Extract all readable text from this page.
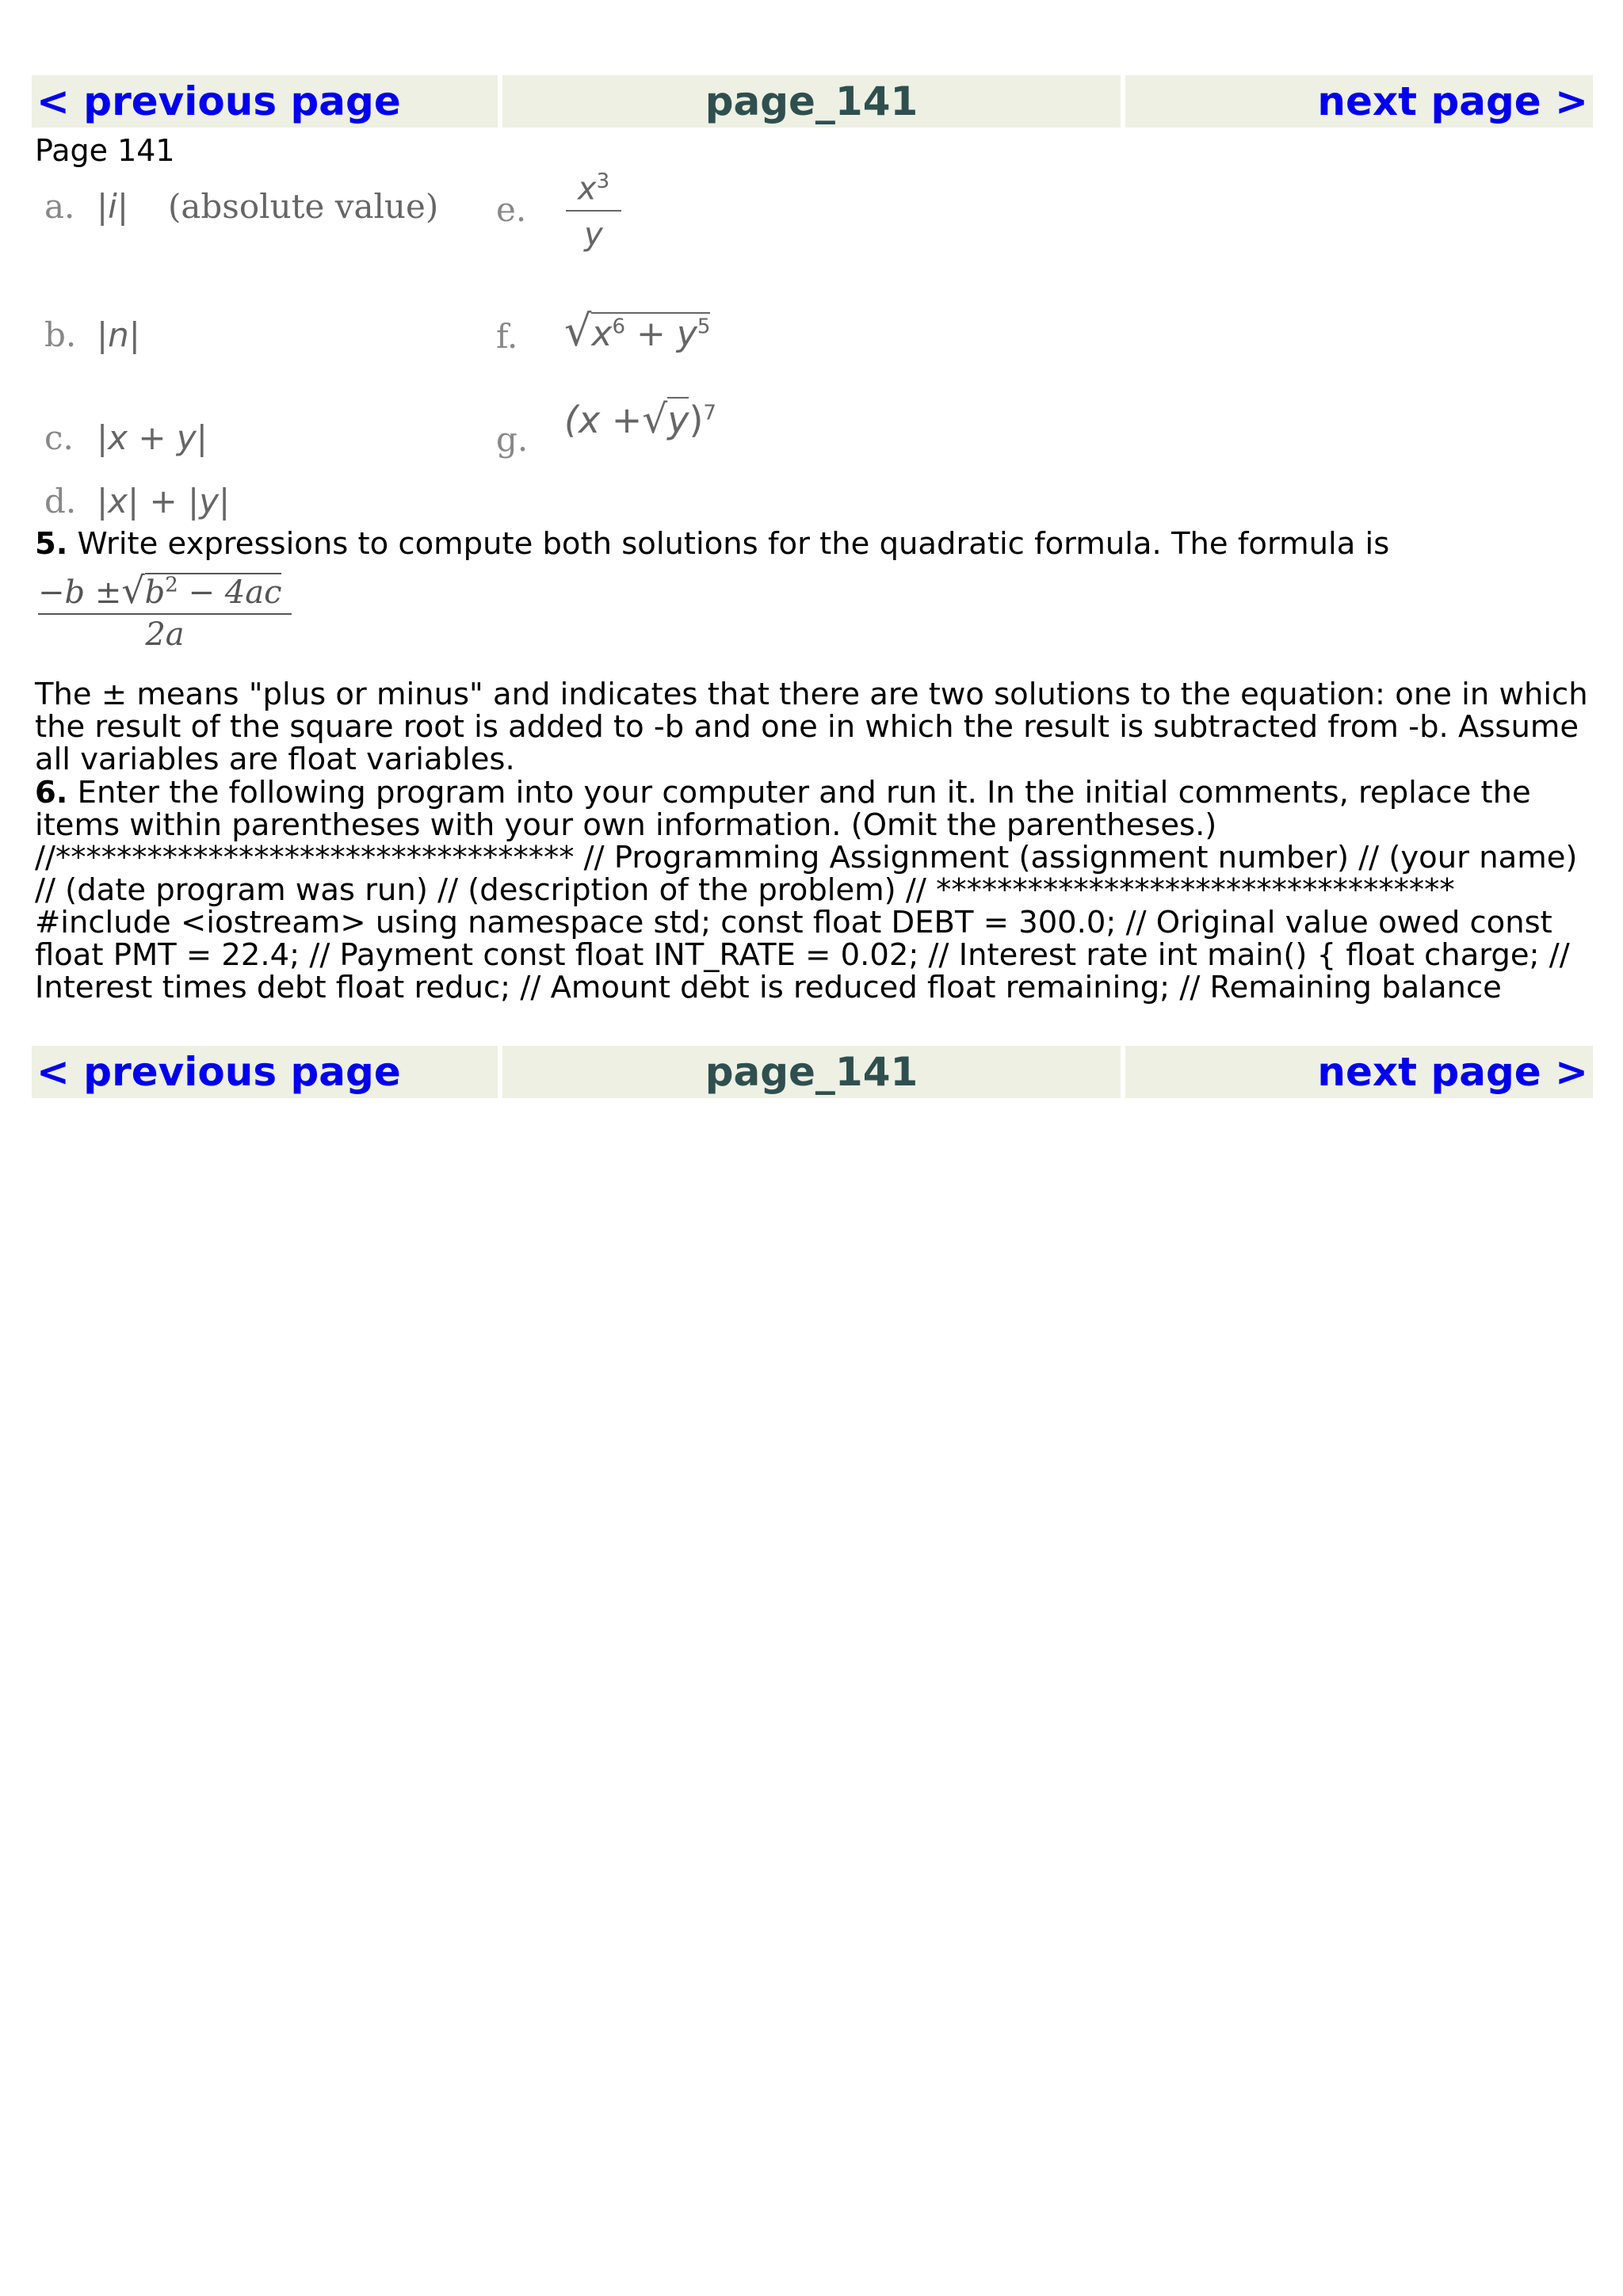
< previous page	page_141	next page >
Page 141
a. |i| (absolute value)
b. |n|
c. |x + y|
d. |x| + |y|
e. $\frac{x^3}{y}$
f. $√x^6 + y^5$
g. $(x +√y)^7$
5. Write expressions to compute both solutions for the quadratic formula. The formula is
$-b \pm√b^2 - 4ac$
2a
The ± means "plus or minus" and indicates that there are two solutions to the equation: one in which the result of the square root is added to -b and one in which the result is subtracted from -b. Assume all variables are float variables.
6. Enter the following program into your computer and run it. In the initial comments, replace the items within parentheses with your own information. (Omit the parentheses.)
//********************************** // Programming Assignment (assignment number) // (your name) // (date program was run) // (description of the problem) // ********************************** #include <iostream> using namespace std; const float DEBT = 300.0; // Original value owed const float PMT = 22.4; // Payment const float INT_RATE = 0.02; // Interest rate int main() { float charge; // Interest times debt float reduc; // Amount debt is reduced float remaining; // Remaining balance
< previous page	page_141	next page >
